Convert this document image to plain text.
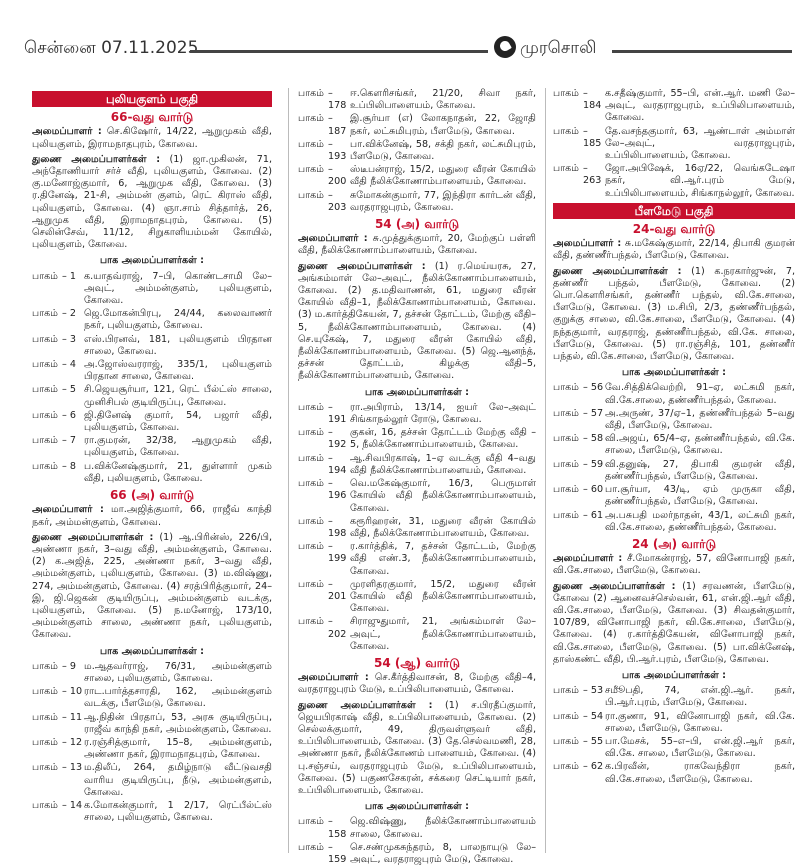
சென்னை 07.11.2025	முரசொலி
புலியகுளம் பகுதி
66-வது வார்டு
அமைப்பாளர் : செ.கிஷோர், 14/22, ஆறுமுகம் வீதி, புலியகுளம், இராமநாதபுரம், கோவை.
துணை அமைப்பாளர்கள் : (1) ஜா.முகிலன், 71, அந்தோணியார் சர்ச் வீதி, புலியகுளம், கோவை. (2) கு.மனோஜ்குமார், 6, ஆறுமுக வீதி, கோவை. (3) ர.தினேஷ், 21-சி, அம்மன் குளம், ரெட் கிராஸ் வீதி, புலியகுளம், கோவை. (4) ஞா.சாம் சித்தார்த், 26, ஆறுமுக வீதி, இராமநாதபுரம், கோவை. (5) செலின்சேவ், 11/12, சிறுகாளியம்மன் கோயில், புலியகுளம், கோவை.
பாக அமைப்பாளர்கள் :
பாகம் – 1 க.யாதவ்ராஜ், 7–பி, கொண்டசாமி லே–அவுட், அம்மன்குளம், புலியகுளம், கோவை.
பாகம் – 2 ஜெ.மோகன்பிரபு, 24/44, கலைவாணர் நகர், புலியகுளம், கோவை.
பாகம் – 3 எஸ்.பிரனவ், 181, புலியகுளம் பிரதான சாலை, கோவை.
பாகம் – 4 அ.ஜோஸ்வரராஜ், 335/1, புலியகுளம் பிரதான சாலை, கோவை.
பாகம் – 5 சி.ஜெயசூர்யா, 121, ரெட் பீல்ட்ஸ் சாலை, முனிசிபல் குடியிருப்பு, கோவை.
பாகம் – 6 ஜி.தினேஷ் குமார், 54, பஜார் வீதி, புலியகுளம், கோவை.
பாகம் – 7 ரா.குமரன், 32/38, ஆறுமுகம் வீதி, புலியகுளம், கோவை.
பாகம் – 8 ப.விக்னேஷ்குமார், 21, துள்ளார் முகம் வீதி, புலியகுளம், கோவை.
66 (அ) வார்டு
அமைப்பாளர் : மா.அஜித்குமார், 66, ராஜீவ் காந்தி நகர், அம்மன்குளம், கோவை.
துணை அமைப்பாளர்கள் : (1) ஆ.பிரின்ஸ், 226/பி, அண்ணா நகர், 3–வது வீதி, அம்மன்குளம், கோவை. (2) க.அஜித், 225, அண்ணா நகர், 3–வது வீதி, அம்மன்குளம், புலியகுளம், கோவை. (3) ம.விஷ்ணு, 274, அம்மன்குளம், கோவை. (4) சரத்பிரித்குமார், 24–இ, ஜி.ஜெகன் குடியிருப்பு, அம்மன்குளம் வடக்கு, புலியகுளம், கோவை. (5) ந.மனோஜ், 173/10, அம்மன்குளம் சாலை, அண்ணா நகர், புலியகுளம், கோவை.
பாக அமைப்பாளர்கள் :
பாகம் – 9 ம.ஆதவர்ராஜ், 76/31, அம்மன்குளம் சாலை, புலியகுளம், கோவை.
பாகம் – 10 ராட.பார்த்தசாரதி, 162, அம்மன்குளம் வடக்கு, பீளமேடு, கோவை.
பாகம் – 11 ஆ.நிதின் பிரதாப், 53, அரசு குடியிருப்பு, ராஜீவ் காந்தி நகர், அம்மன்குளம், கோவை.
பாகம் – 12 ர.ரஞ்சித்குமார், 15–8, அம்மன்குளம், அண்ணா நகர், இராமநாதபுரம், கோவை.
பாகம் – 13 ம.திலீப், 264, தமிழ்நாடு வீட்டுவசதி வாரிய குடியிருப்பு, நீடு, அம்மன்குளம், கோவை.
பாகம் – 14 க.மோகன்குமார், 1 2/17, ரெட்பீல்ட்ஸ் சாலை, புலியகுளம், கோவை.
பாகம் – 178
ஈ.கௌரிசங்கர், 21/20, சிவா நகர், உப்பிலிபாளையம், கோவை.
பாகம் – 187
இ.சூர்யா (எ) லோகநாதன், 22, ஜோதி நகர், லட்சுமிபுரம், பீளமேடு, கோவை.
பாகம் – 193
பா.விக்னேஷ், 58, சக்தி நகர், லட்சுமிபுரம், பீளமேடு, கோவை.
பாகம் – 200
ஸ்டீபன்ராஜ், 15/2, மதுரை வீரன் கோயில் வீதி நீலிக்கோணாம்பாளையம், கோவை.
பாகம் – 203
சுமோகன்குமார், 77, இந்திரா கார்டன் வீதி, வரதராஜபுரம், கோவை.
54 (அ) வார்டு
அமைப்பாளர் : சு.முத்துக்குமார், 20, மேற்குப் பள்ளி வீதி, நீலிக்கோணாம்பாளையம், கோவை.
துணை அமைப்பாளர்கள் : (1) ர.மெய்யரசு, 27, அங்கம்மாள் லே–அவுட், நீலிக்கோணாம்பாளையம், கோவை. (2) த.மதிவாணன், 61, மதுரை வீரன் கோயில் வீதி–1, நீலிக்கோணாம்பாளையம், கோவை. (3) ம.கார்த்திகேயன், 7, தச்சன் தோட்டம், மேற்கு வீதி–5, நீலிக்கோணாம்பாளையம், கோவை. (4) செ.யுகேஷ், 7, மதுரை வீரன் கோயில் வீதி, நீலிக்கோணாம்பாளையம், கோவை. (5) ஜெ.ஆனந்த், தச்சன் தோட்டம், கிழக்கு வீதி–5, நீலிக்கோணாம்பாளையம், கோவை.
பாக அமைப்பாளர்கள் :
பாகம் – 191
ரா.அபிராம், 13/14, ஐயர் லே–அவுட் சிங்காநல்லூர் ரோடு, கோவை.
பாகம் – 192
குகன், 16, தச்சன் தோட்டம் மேற்கு வீதி – 5, நீலிக்கோணாம்பாளையம், கோவை.
பாகம் – 194
ஆ.சிவபிரகாஷ், 1–ஏ வடக்கு வீதி 4–வது வீதி நீலிக்கோணாம்பாளையம், கோவை.
பாகம் – 196
வெ.மகேஷ்குமார், 16/3, பெருமாள் கோயில் வீதி நீலிக்கோணாம்பாளையம், கோவை.
பாகம் – 198
கரூரிஹரன், 31, மதுரை வீரன் கோயில் வீதி, நீலிக்கோணாம்பாளையம், கோவை.
பாகம் – 199
ர.கார்த்திக், 7, தச்சன் தோட்டம், மேற்கு வீதி எண்.3, நீலிக்கோணாம்பாளையம், கோவை.
பாகம் – 201
முரளிதரகுமார், 15/2, மதுரை வீரன் கோயில் வீதி நீலிக்கோணாம்பாளையம், கோவை.
பாகம் – 202
சிராஜுதுமார், 21, அங்கம்மாள் லே–அவுட், நீலிக்கோணாம்பாளையம், கோவை.
54 (ஆ) வார்டு
அமைப்பாளர் : செ.கீர்த்திவாசன், 8, மேற்கு வீதி–4, வரதராஜபுரம் மேடு, உப்பிலிபாளையம், கோவை.
துணை அமைப்பாளர்கள் : (1) ச.பிரதீப்குமார், ஜெயபிரகாஷ் வீதி, உப்பிலிபாளையம், கோவை. (2) செல்லக்குமார், 49, திருவள்ளுவர் வீதி, உப்பிலிபாளையம், கோவை. (3) தே.செல்வமணி, 28, அண்ணா நகர், நீலிக்கோணம் பாளையம், கோவை. (4) பு.சஞ்சய், வரதராஜபுரம் மேடு, உப்பிலிபாளையம், கோவை. (5) பகுணசேகரன், சக்கரை செட்டியார் நகர், உப்பிலிபாளையம், கோவை.
பாக அமைப்பாளர்கள் :
பாகம் – 158
ஜெ.விஷ்ணு, நீலிக்கோணாம்பாளையம் சாலை, கோவை.
பாகம் – 159
செ.சண்முகசுந்தரம், 8, பாலநாயுடு லே–அவுட், வரதராஜபுரம் மேடு, கோவை.
பாகம் – 184
க.சதீஷ்குமார், 55–பி, என்.ஆர். மணி லே–அவுட், வரதராஜபுரம், உப்பிலிபாளையம், கோவை.
பாகம் – 185
தே.வசந்தகுமார், 63, ஆண்டாள் அம்மாள் லே–அவுட், வரதராஜபுரம், உப்பிலிபாளையம், கோவை.
பாகம் – 263
ஜோ.அபிஷேக், 16ஏ/22, வெங்கடேஷா நகர், வி.ஆர்.புரம் மேடு, உப்பிலிபாளையம், சிங்காநல்லூர், கோவை.
பீளமேடு பகுதி
24-வது வார்டு
அமைப்பாளர் : சு.மகேஷ்குமார், 22/14, திபாகி குமரன் வீதி, தண்ணீர்பந்தல், பீளமேடு, கோவை.
துணை அமைப்பாளர்கள் : (1) க.நரகார்ஜுன், 7, தண்ணீர் பந்தல், பீளமேடு, கோவை. (2) பொ.கௌரிசங்கர், தண்ணீர் பந்தல், வி.கே.சாலை, பீளமேடு, கோவை. (3) ம.சிபி, 2/3, தண்ணீர்பந்தல், குறுக்கு சாலை, வி.கே.சாலை, பீளமேடு, கோவை. (4) நந்தகுமார், வரதராஜ், தண்ணீர்பந்தல், வி.கே. சாலை, பீளமேடு, கோவை. (5) ரா.ரஞ்சித், 101, தண்ணீர் பந்தல், வி.கே.சாலை, பீளமேடு, கோவை.
பாக அமைப்பாளர்கள் :
பாகம் – 56 வே.சித்திக்வெற்றி, 91–ஏ, லட்சுமி நகர், வி.கே.சாலை, தண்ணீர்பந்தல், கோவை.
பாகம் – 57 அ.அருண், 37/ஏ–1, தண்ணீர்பந்தல் 5–வது வீதி, பீளமேடு, கோவை.
பாகம் – 58 வி.அஜய், 65/4–ஏ, தண்ணீர்பந்தல், வி.கே. சாலை, பீளமேடு, கோவை.
பாகம் – 59 வி.தனுஷ், 27, திபாகி குமரன் வீதி, தண்ணீர்பந்தல், பீளமேடு, கோவை.
பாகம் – 60 பா.சூர்யா, 43/டி, ஏம் முருகா வீதி, தண்ணீர்பந்தல், பீளமேடு, கோவை.
பாகம் – 61 அ.பசுபதி மலர்நாதன், 43/1, லட்சுமி நகர், வி.கே.சாலை, தண்ணீர்பந்தல், கோவை.
24 (அ) வார்டு
அமைப்பாளர் : சீ.மோகன்ராஜ், 57, வினோபாஜி நகர், வி.கே.சாலை, பீளமேடு, கோவை.
துணை அமைப்பாளர்கள் : (1) சரவணன், பீளமேடு, கோவை (2) ஆனைவச்செல்வன், 61, என்.ஜி.ஆர் வீதி, வி.கே.சாலை, பீளமேடு, கோவை. (3) சிவதன்குமார், 107/89, வினோபாஜி நகர், வி.கே.சாலை, பீளமேடு, கோவை. (4) ர.கார்த்திகேயன், வினோபாஜி நகர், வி.கே.சாலை, பீளமேடு, கோவை. (5) பா.விக்னேஷ், தாஸ்கண்ட் வீதி, பி.ஆர்.புரம், பீளமேடு, கோவை.
பாக அமைப்பாளர்கள் :
பாகம் – 53 சமூீபதி, 74, என்.ஜி.ஆர். நகர், பி.ஆர்.புரம், பீளமேடு, கோவை.
பாகம் – 54 ரா.குணா, 91, வினோபாஜி நகர், வி.கே. சாலை, பீளமேடு, கோவை.
பாகம் – 55 பா.மேசக், 55–எ–பி, என்.ஜி.ஆர் நகர், வி.கே. சாலை, பீளமேடு, கோவை.
பாகம் – 62 க.பிரவீன், ராகவேந்திரா நகர், வி.கே.சாலை, பீளமேடு, கோவை.
